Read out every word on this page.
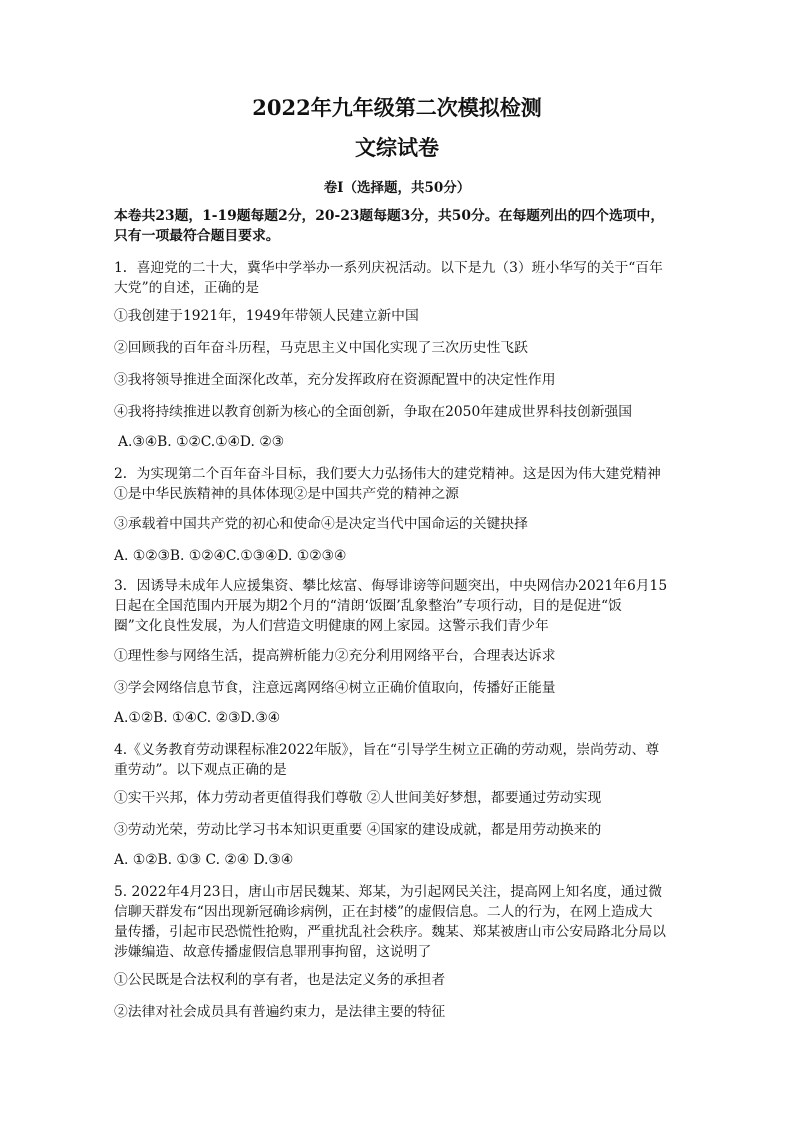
2022年九年级第二次模拟检测
文综试卷
卷Ⅰ（选择题，共50分）
本卷共23题，1-19题每题2分，20-23题每题3分，共50分。在每题列出的四个选项中，
只有一项最符合题目要求。
1．喜迎党的二十大，冀华中学举办一系列庆祝活动。以下是九（3）班小华写的关于“百年
大党”的自述，正确的是
①我创建于1921年，1949年带领人民建立新中国
②回顾我的百年奋斗历程，马克思主义中国化实现了三次历史性飞跃
③我将领导推进全面深化改革，充分发挥政府在资源配置中的决定性作用
④我将持续推进以教育创新为核心的全面创新，争取在2050年建成世界科技创新强国
A.③④B. ①②C.①④D. ②③
2．为实现第二个百年奋斗目标，我们要大力弘扬伟大的建党精神。这是因为伟大建党精神
①是中华民族精神的具体体现②是中国共产党的精神之源
③承载着中国共产党的初心和使命④是决定当代中国命运的关键抉择
A. ①②③B. ①②④C.①③④D. ①②③④
3．因诱导未成年人应援集资、攀比炫富、侮辱诽谤等问题突出，中央网信办2021年6月15
日起在全国范围内开展为期2个月的“清朗‘饭圈’乱象整治”专项行动，目的是促进“饭
圈”文化良性发展，为人们营造文明健康的网上家园。这警示我们青少年
①理性参与网络生活，提高辨析能力②充分利用网络平台，合理表达诉求
③学会网络信息节食，注意远离网络④树立正确价值取向，传播好正能量
A.①②B. ①④C. ②③D.③④
4.《义务教育劳动课程标准2022年版》，旨在“引导学生树立正确的劳动观，崇尚劳动、尊
重劳动”。以下观点正确的是
①实干兴邦，体力劳动者更值得我们尊敬 ②人世间美好梦想，都要通过劳动实现
③劳动光荣，劳动比学习书本知识更重要 ④国家的建设成就，都是用劳动换来的
A. ①②B. ①③ C. ②④ D.③④
5. 2022年4月23日，唐山市居民魏某、郑某，为引起网民关注，提高网上知名度，通过微
信聊天群发布“因出现新冠确诊病例，正在封楼”的虚假信息。二人的行为，在网上造成大
量传播，引起市民恐慌性抢购，严重扰乱社会秩序。魏某、郑某被唐山市公安局路北分局以
涉嫌编造、故意传播虚假信息罪刑事拘留，这说明了
①公民既是合法权利的享有者，也是法定义务的承担者
②法律对社会成员具有普遍约束力，是法律主要的特征
